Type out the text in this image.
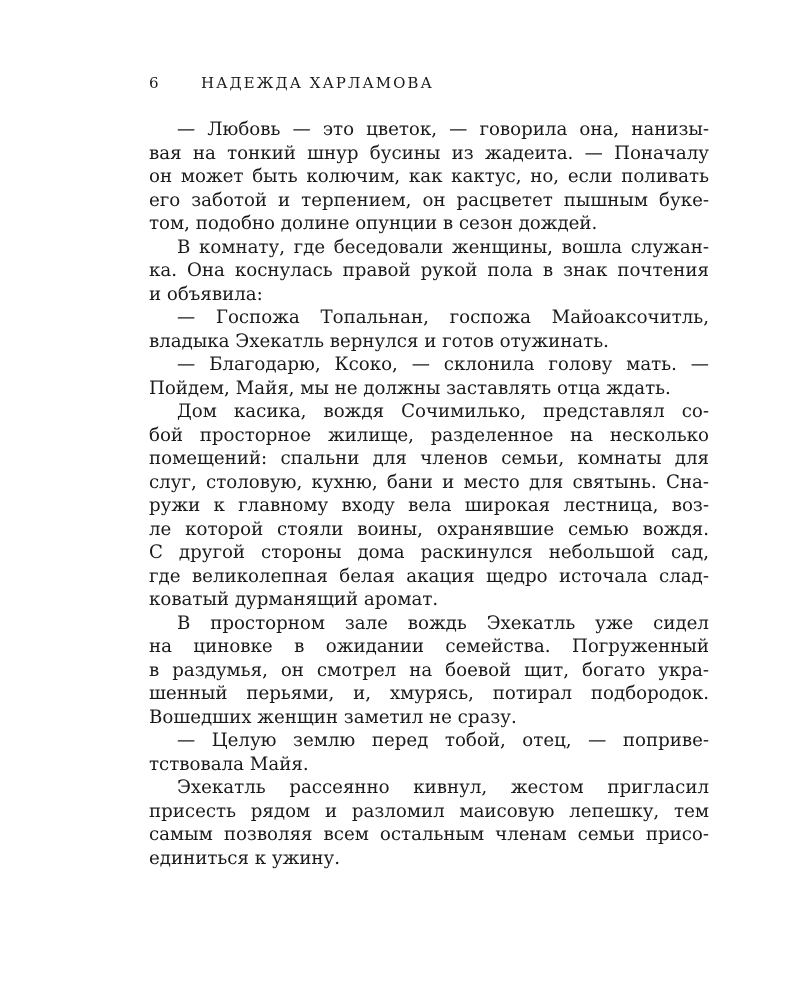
6	НАДЕЖДА ХАРЛАМОВА
— Любовь — это цветок, — говорила она, нанизы-
вая на тонкий шнур бусины из жадеита. — Поначалу
он может быть колючим, как кактус, но, если поливать
его заботой и терпением, он расцветет пышным буке-
том, подобно долине опунции в сезон дождей.
В комнату, где беседовали женщины, вошла служан-
ка. Она коснулась правой рукой пола в знак почтения
и объявила:
— Госпожа Топальнан, госпожа Майоаксочитль,
владыка Эхекатль вернулся и готов отужинать.
— Благодарю, Ксоко, — склонила голову мать. —
Пойдем, Майя, мы не должны заставлять отца ждать.
Дом касика, вождя Сочимилько, представлял со-
бой просторное жилище, разделенное на несколько
помещений: спальни для членов семьи, комнаты для
слуг, столовую, кухню, бани и место для святынь. Сна-
ружи к главному входу вела широкая лестница, воз-
ле которой стояли воины, охранявшие семью вождя.
С другой стороны дома раскинулся небольшой сад,
где великолепная белая акация щедро источала слад-
коватый дурманящий аромат.
В просторном зале вождь Эхекатль уже сидел
на циновке в ожидании семейства. Погруженный
в раздумья, он смотрел на боевой щит, богато укра-
шенный перьями, и, хмурясь, потирал подбородок.
Вошедших женщин заметил не сразу.
— Целую землю перед тобой, отец, — поприве-
тствовала Майя.
Эхекатль рассеянно кивнул, жестом пригласил
присесть рядом и разломил маисовую лепешку, тем
самым позволяя всем остальным членам семьи присо-
единиться к ужину.
